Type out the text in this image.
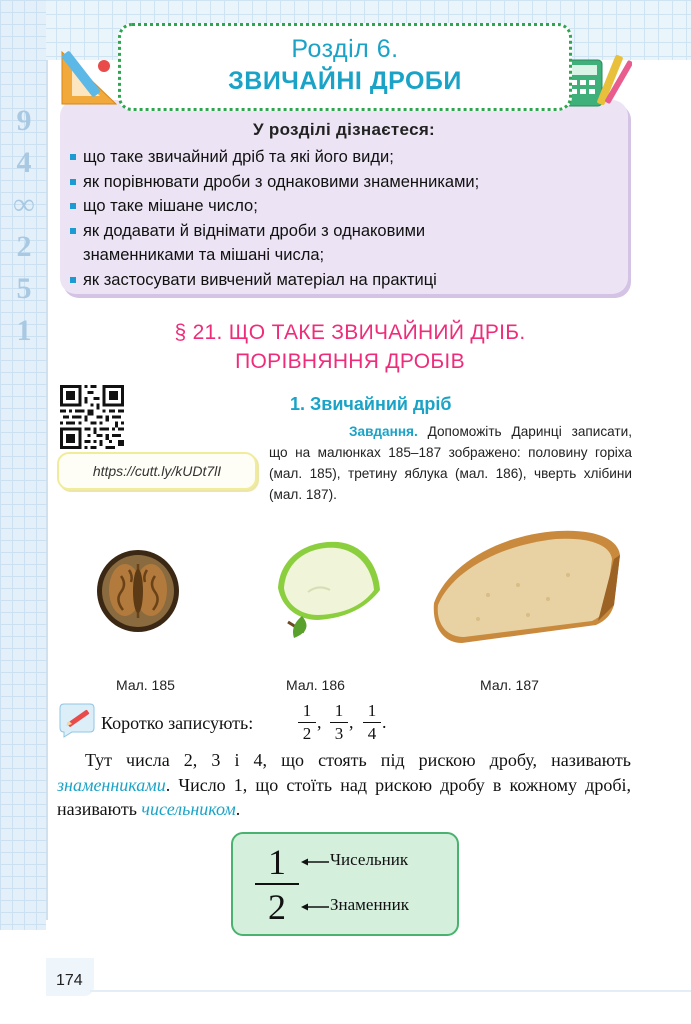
9
4
∞
2
5
1
Розділ 6.
ЗВИЧАЙНІ ДРОБИ
У розділі дізнаєтеся:
що таке звичайний дріб та які його види;
як порівнювати дроби з однаковими знаменниками;
що таке мішане число;
як додавати й віднімати дроби з однаковими знаменниками та мішані числа;
як застосувати вивчений матеріал на практиці
§ 21. ЩО ТАКЕ ЗВИЧАЙНИЙ ДРІБ.
ПОРІВНЯННЯ ДРОБІВ
https://cutt.ly/kUDt7lI
1. Звичайний дріб
Завдання. Допоможіть Даринці записати, що на малюнках 185–187 зображено: половину горіха (мал. 185), третину яблука (мал. 186), чверть хлібини (мал. 187).
Мал. 185	Мал. 186	Мал. 187
Коротко записують:
1
2
,
1
3
,
1
4
.
Тут числа 2, 3 і 4, що стоять під рискою дробу, називають знаменниками. Число 1, що стоїть над рискою дробу в кожному дробі, називають чисельником.
1
2
Чисельник
Знаменник
174
